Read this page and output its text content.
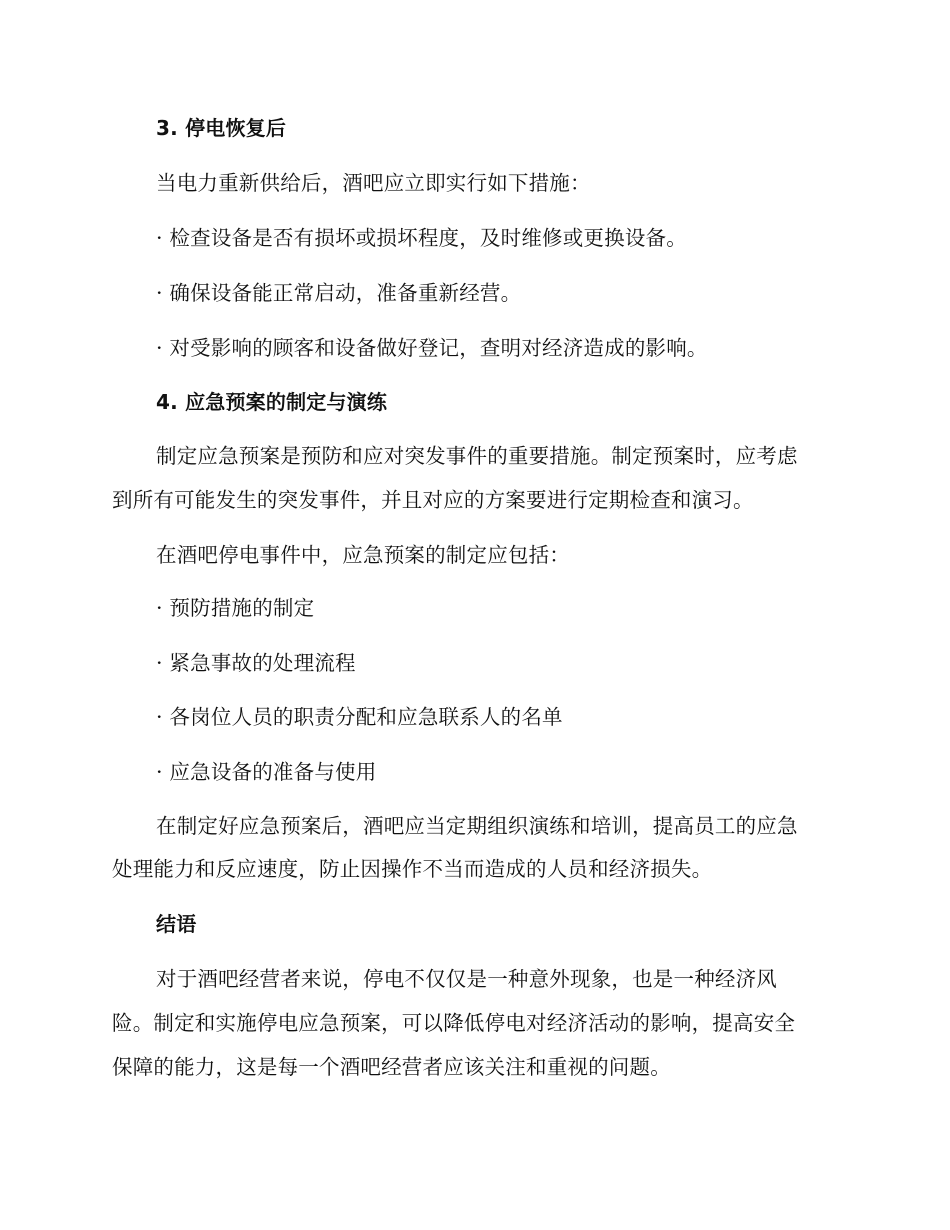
3. 停电恢复后
当电力重新供给后，酒吧应立即实行如下措施：
· 检查设备是否有损坏或损坏程度，及时维修或更换设备。
· 确保设备能正常启动，准备重新经营。
· 对受影响的顾客和设备做好登记，查明对经济造成的影响。
4. 应急预案的制定与演练
制定应急预案是预防和应对突发事件的重要措施。制定预案时，应考虑
到所有可能发生的突发事件，并且对应的方案要进行定期检查和演习。
在酒吧停电事件中，应急预案的制定应包括：
· 预防措施的制定
· 紧急事故的处理流程
· 各岗位人员的职责分配和应急联系人的名单
· 应急设备的准备与使用
在制定好应急预案后，酒吧应当定期组织演练和培训，提高员工的应急
处理能力和反应速度，防止因操作不当而造成的人员和经济损失。
结语
对于酒吧经营者来说，停电不仅仅是一种意外现象，也是一种经济风
险。制定和实施停电应急预案，可以降低停电对经济活动的影响，提高安全
保障的能力，这是每一个酒吧经营者应该关注和重视的问题。
